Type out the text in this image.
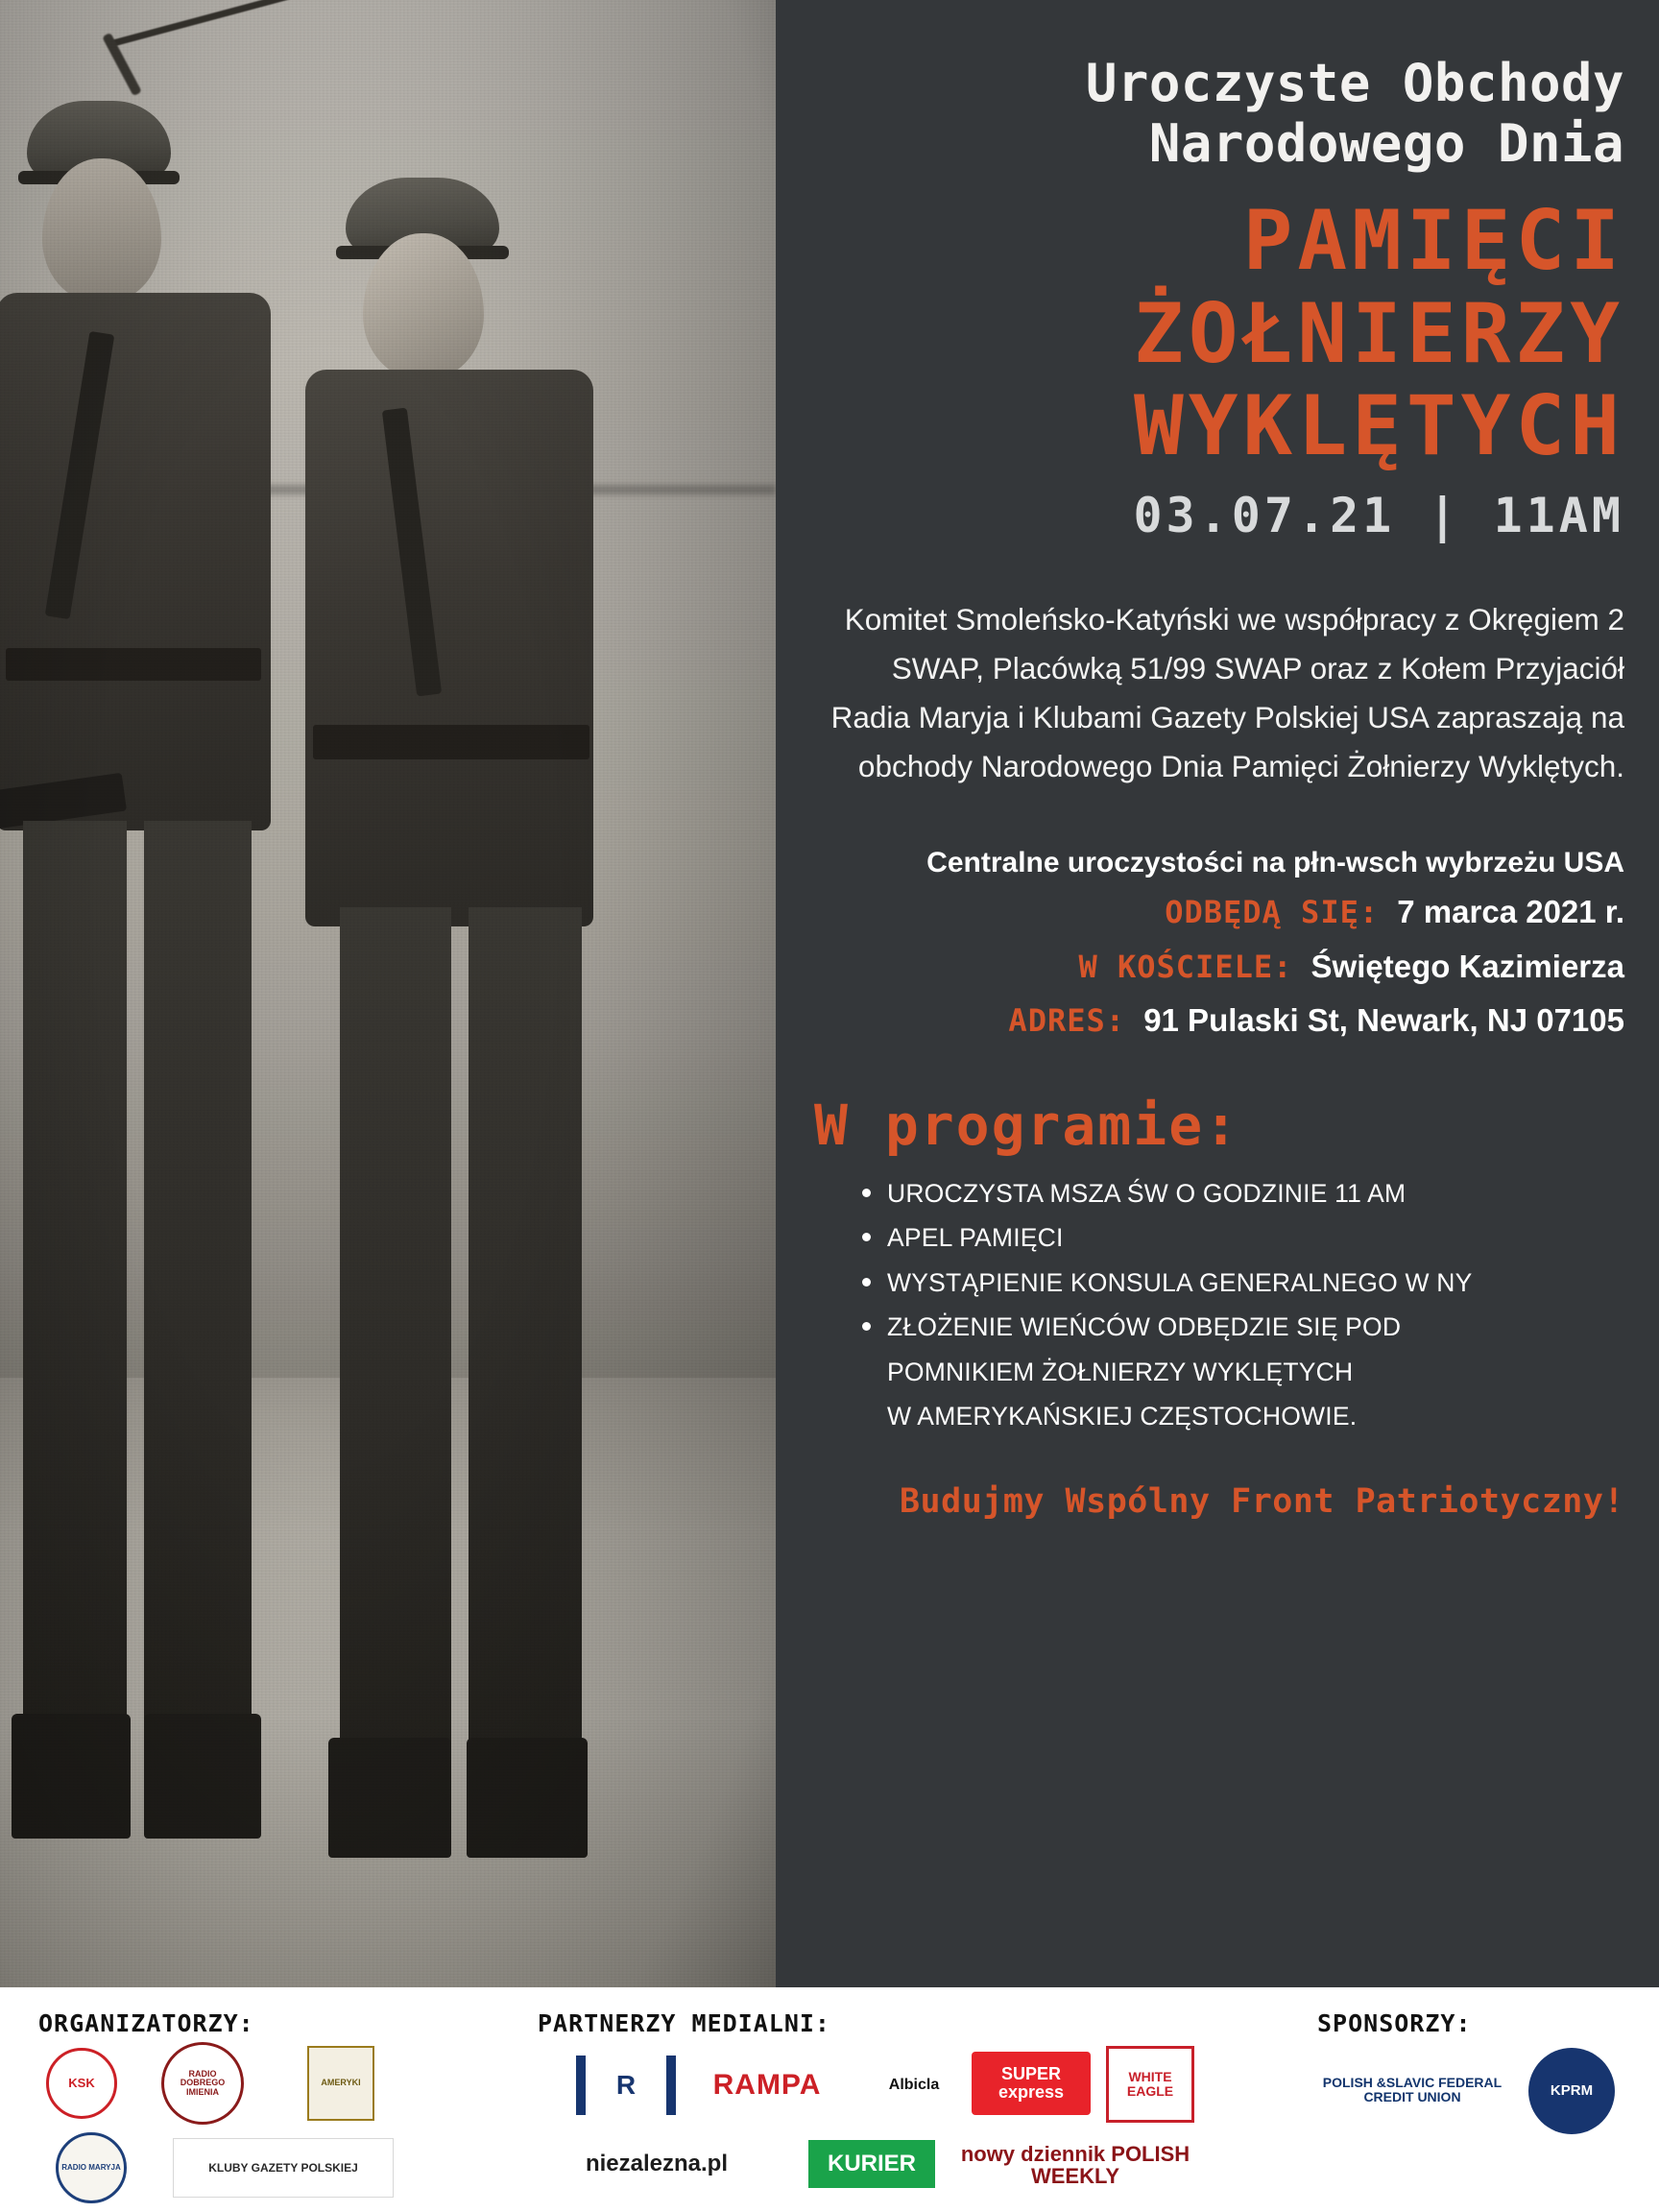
Uroczyste Obchody
Narodowego Dnia
PAMIĘCI
ŻOŁNIERZY
WYKLĘTYCH
03.07.21 | 11AM
Komitet Smoleńsko-Katyński we współpracy z Okręgiem 2 SWAP, Placówką 51/99 SWAP oraz z Kołem Przyjaciół Radia Maryja i Klubami Gazety Polskiej USA zapraszają na obchody Narodowego Dnia Pamięci Żołnierzy Wyklętych.
Centralne uroczystości na płn-wsch wybrzeżu USA
ODBĘDĄ SIĘ: 7 marca 2021 r.
W KOŚCIELE: Świętego Kazimierza
ADRES: 91 Pulaski St, Newark, NJ 07105
W programie:
UROCZYSTA MSZA ŚW O GODZINIE 11 AM
APEL PAMIĘCI
WYSTĄPIENIE KONSULA GENERALNEGO W NY
ZŁOŻENIE WIEŃCÓW ODBĘDZIE SIĘ POD
POMNIKIEM ŻOŁNIERZY WYKLĘTYCH
W AMERYKAŃSKIEJ CZĘSTOCHOWIE.
Budujmy Wspólny Front Patriotyczny!
ORGANIZATORZY:	PARTNERZY MEDIALNI:	SPONSORZY:
KSK
RADIO DOBREGO IMIENIA
AMERYKI
RADIO MARYJA	KLUBY GAZETY POLSKIEJ
R	RAMPA	Albicla
SUPER express
WHITE EAGLE
niezalezna.pl	KURIER nowy dziennik POLISH WEEKLY
POLISH &SLAVIC FEDERAL CREDIT UNION	KPRM
